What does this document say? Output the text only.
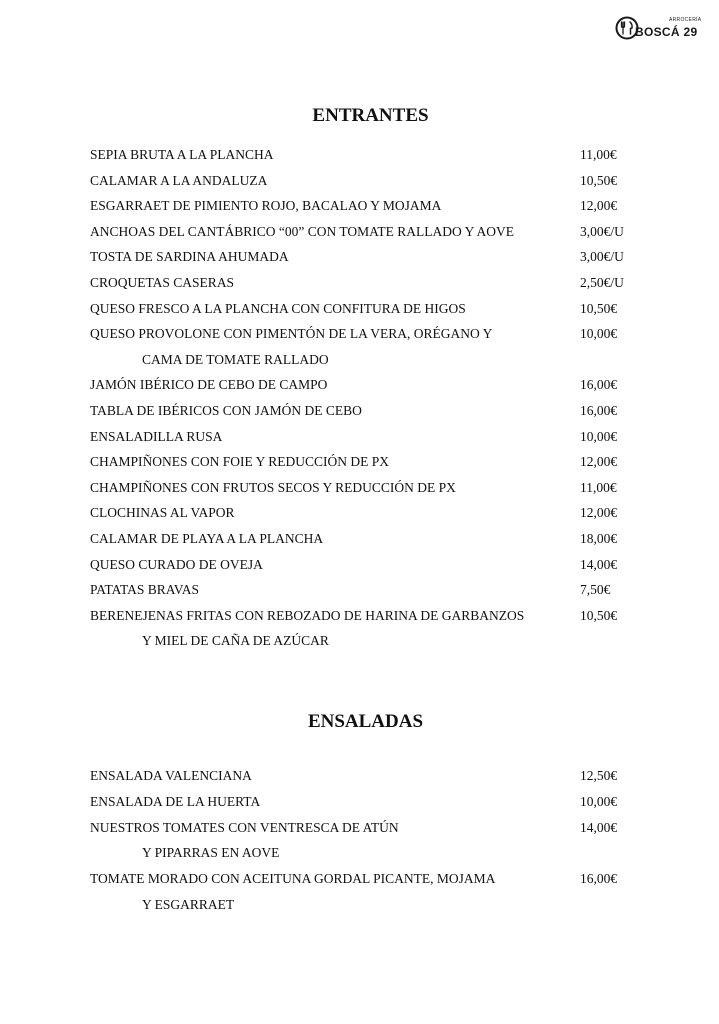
ARROCERÍA
BOSCÁ 29
ENTRANTES
SEPIA BRUTA A LA PLANCHA	11,00€
CALAMAR A LA ANDALUZA	10,50€
ESGARRAET DE PIMIENTO ROJO, BACALAO Y MOJAMA	12,00€
ANCHOAS DEL CANTÁBRICO “00” CON TOMATE RALLADO Y AOVE	3,00€/U
TOSTA DE SARDINA AHUMADA	3,00€/U
CROQUETAS CASERAS	2,50€/U
QUESO FRESCO A LA PLANCHA CON CONFITURA DE HIGOS	10,50€
QUESO PROVOLONE CON PIMENTÓN DE LA VERA, ORÉGANO Y	10,00€
CAMA DE TOMATE RALLADO
JAMÓN IBÉRICO DE CEBO DE CAMPO	16,00€
TABLA DE IBÉRICOS CON JAMÓN DE CEBO	16,00€
ENSALADILLA RUSA	10,00€
CHAMPIÑONES CON FOIE Y REDUCCIÓN DE PX	12,00€
CHAMPIÑONES CON FRUTOS SECOS Y REDUCCIÓN DE PX	11,00€
CLOCHINAS AL VAPOR	12,00€
CALAMAR DE PLAYA A LA PLANCHA	18,00€
QUESO CURADO DE OVEJA	14,00€
PATATAS BRAVAS	7,50€
BERENEJENAS FRITAS CON REBOZADO DE HARINA DE GARBANZOS	10,50€
Y MIEL DE CAÑA DE AZÚCAR
ENSALADAS
ENSALADA VALENCIANA	12,50€
ENSALADA DE LA HUERTA	10,00€
NUESTROS TOMATES CON VENTRESCA DE ATÚN	14,00€
Y PIPARRAS EN AOVE
TOMATE MORADO CON ACEITUNA GORDAL PICANTE, MOJAMA	16,00€
Y ESGARRAET
